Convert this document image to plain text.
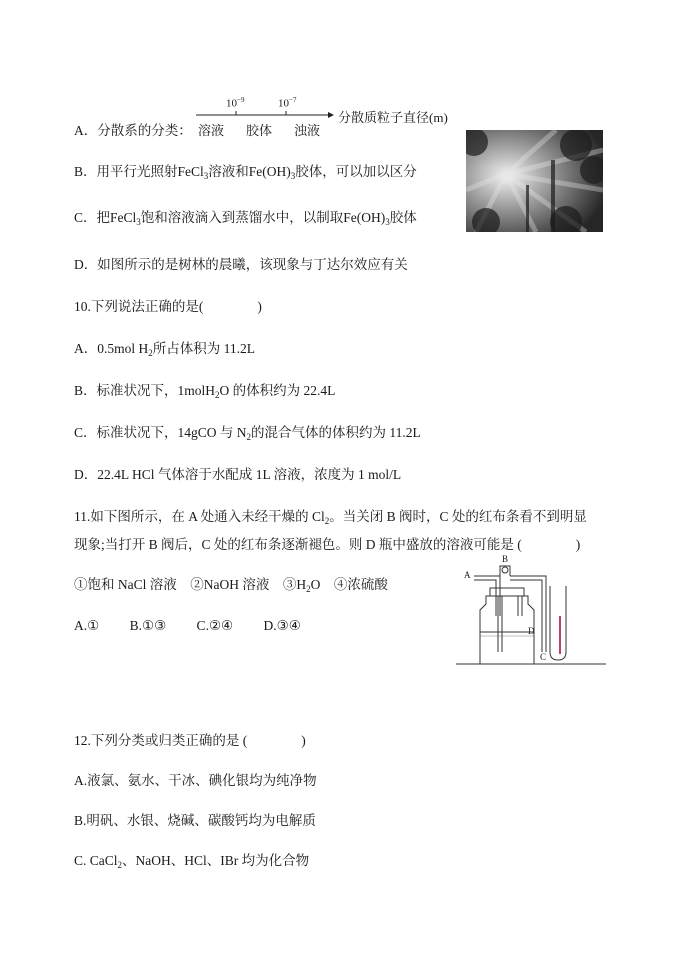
A．分散系的分类：
$10^{-9}$	$10^{-7}$
溶液 胶体 浊液
分散质粒子直径(m)
B．用平行光照射FeCl$_3$溶液和$Fe(OH)_3$胶体，可以加以区分
C．把FeCl$_3$饱和溶液滴入到蒸馏水中，以制取$Fe(OH)_3$胶体
D．如图所示的是树林的晨曦，该现象与丁达尔效应有关
10.下列说法正确的是(　　　　)
A．0.5mol $H_2$所占体积为 11.2L
B．标准状况下，1molH$_2$O 的体积约为 22.4L
C．标准状况下，14gCO 与 $N_2$的混合气体的体积约为 11.2L
D．22.4L HCl 气体溶于水配成 1L 溶液，浓度为 1 mol/L
11.如下图所示，在 A 处通入未经干燥的 $Cl_2$。当关闭 B 阀时，C 处的红布条看不到明显
现象;当打开 B 阀后，C 处的红布条逐渐褪色。则 D 瓶中盛放的溶液可能是 (　　　　)
①饱和 NaCl 溶液　②NaOH 溶液　$③H_2O$　④浓硫酸
A.①　　 B.①③　　 C.②④　　 D.③④
A
B
C
D
12.下列分类或归类正确的是 (　　　　)
A.液氯、氨水、干冰、碘化银均为纯净物
B.明矾、水银、烧碱、碳酸钙均为电解质
C. CaCl$_2$、NaOH、HCl、IBr 均为化合物
